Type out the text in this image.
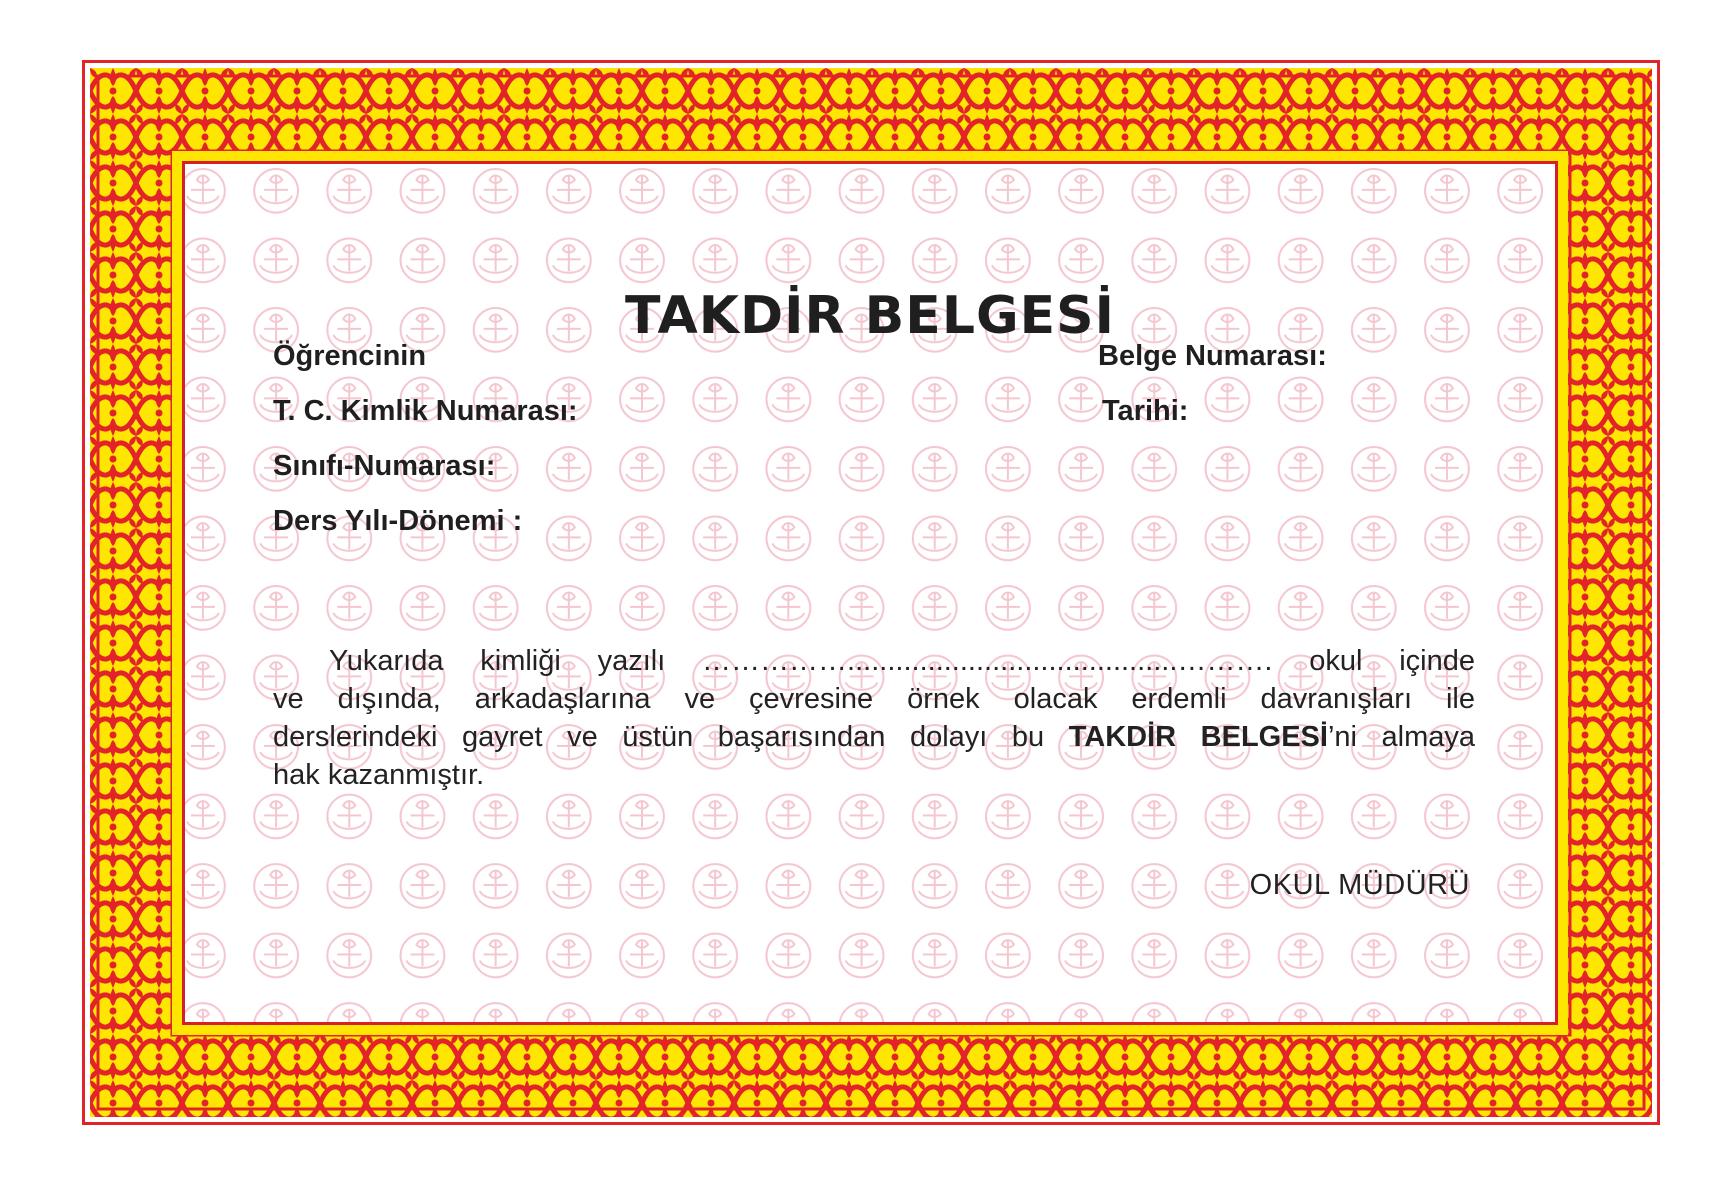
TAKDİR BELGESİ
Öğrencinin
T. C. Kimlik Numarası:
Sınıfı-Numarası:
Ders Yılı-Dönemi :
Belge Numarası:
Tarihi:
Yukarıda kimliği yazılı …………….........................................………. okul içinde
ve dışında, arkadaşlarına ve çevresine örnek olacak erdemli davranışları ile
derslerindeki gayret ve üstün başarısından dolayı bu TAKDİR BELGESİ’ni almaya
hak kazanmıştır.
OKUL MÜDÜRÜ
